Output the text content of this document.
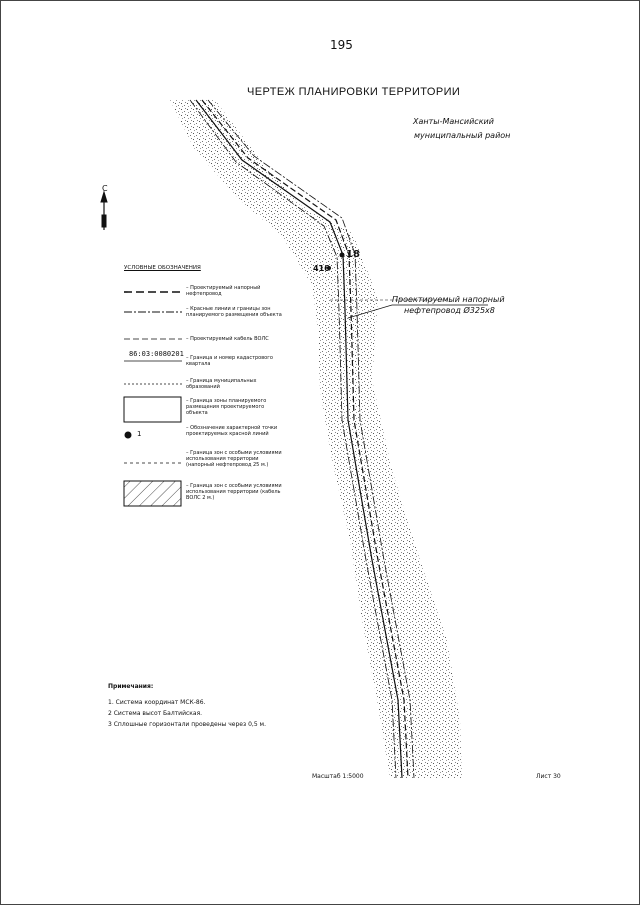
195
ЧЕРТЕЖ ПЛАНИРОВКИ ТЕРРИТОРИИ
Ханты-Мансийский
муниципальный район
18
416
Проектируемый напорный
нефтепровод Ø325х8
С
УСЛОВНЫЕ ОБОЗНАЧЕНИЯ
– Проектируемый напорный нефтепровод
– Красные линии и границы зон планируемого размещения объекта
– Проектируемый кабель ВОЛС
– Граница и номер кадастрового квартала
– Граница муниципальных образований
– Граница зоны планируемого размещения проектируемого объекта
– Обозначение характерной точки проектируемых красной линий
– Граница зон с особыми условиями использования территории (напорный нефтепровод 25 м.)
– Граница зон с особыми условиями использования территории (кабель ВОЛС 2 м.)
86:03:0080201
1
Примечания:
1. Система координат МСК-86.
2 Система высот Балтийская.
3 Сплошные горизонтали проведены через 0,5 м.
Масштаб 1:5000	Лист 30
